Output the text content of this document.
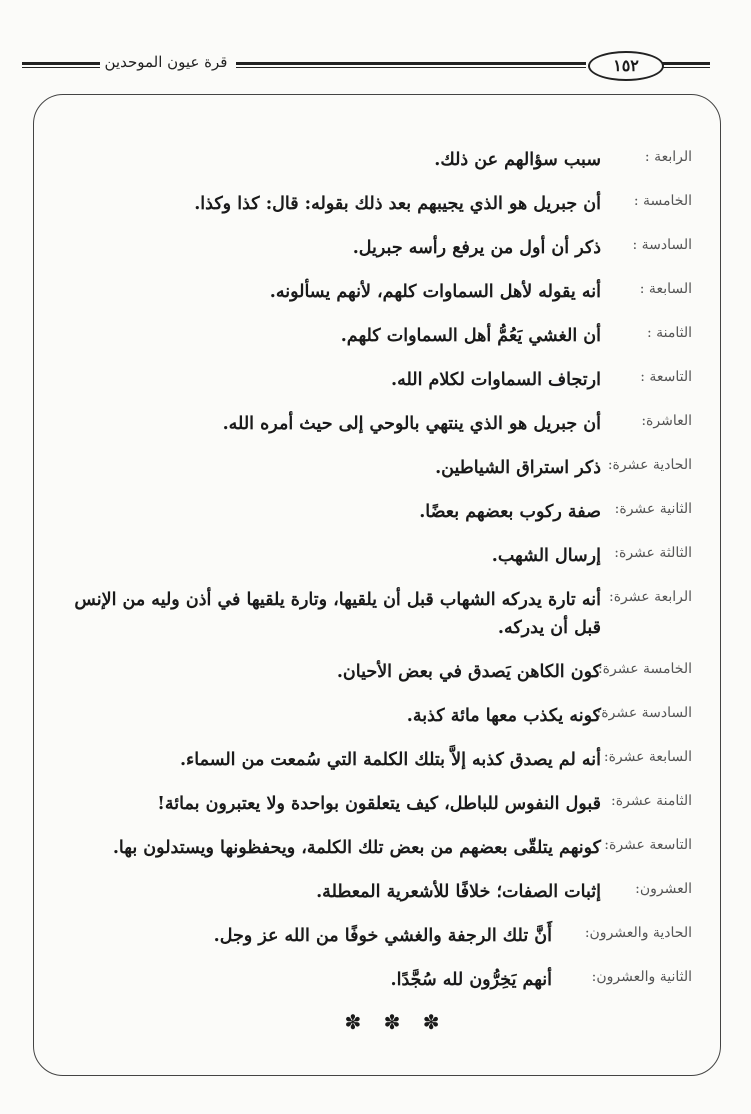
قرة عيون الموحدين	١٥٢
الرابعة :
سبب سؤالهم عن ذلك.
الخامسة :
أن جبريل هو الذي يجيبهم بعد ذلك بقوله: قال: كذا وكذا.
السادسة :
ذكر أن أول من يرفع رأسه جبريل.
السابعة :
أنه يقوله لأهل السماوات كلهم، لأنهم يسألونه.
الثامنة :
أن الغشي يَعُمُّ أهل السماوات كلهم.
التاسعة :
ارتجاف السماوات لكلام الله.
العاشرة:
أن جبريل هو الذي ينتهي بالوحي إلى حيث أمره الله.
الحادية عشرة:
ذكر استراق الشياطين.
الثانية عشرة:
صفة ركوب بعضهم بعضًا.
الثالثة عشرة:
إرسال الشهب.
الرابعة عشرة:
أنه تارة يدركه الشهاب قبل أن يلقيها، وتارة يلقيها في أذن وليه من الإنس قبل أن يدركه.
الخامسة عشرة:
كون الكاهن يَصدق في بعض الأحيان.
السادسة عشرة:
كونه يكذب معها مائة كذبة.
السابعة عشرة:
أنه لم يصدق كذبه إلاَّ بتلك الكلمة التي سُمعت من السماء.
الثامنة عشرة:
قبول النفوس للباطل، كيف يتعلقون بواحدة ولا يعتبرون بمائة!
التاسعة عشرة:
كونهم يتلقّى بعضهم من بعض تلك الكلمة، ويحفظونها ويستدلون بها.
العشرون:
إثبات الصفات؛ خلافًا للأشعرية المعطلة.
الحادية والعشرون:
أَنَّ تلك الرجفة والغشي خوفًا من الله عز وجل.
الثانية والعشرون:
أنهم يَخِرُّون لله سُجَّدًا.
✽ ✽ ✽
